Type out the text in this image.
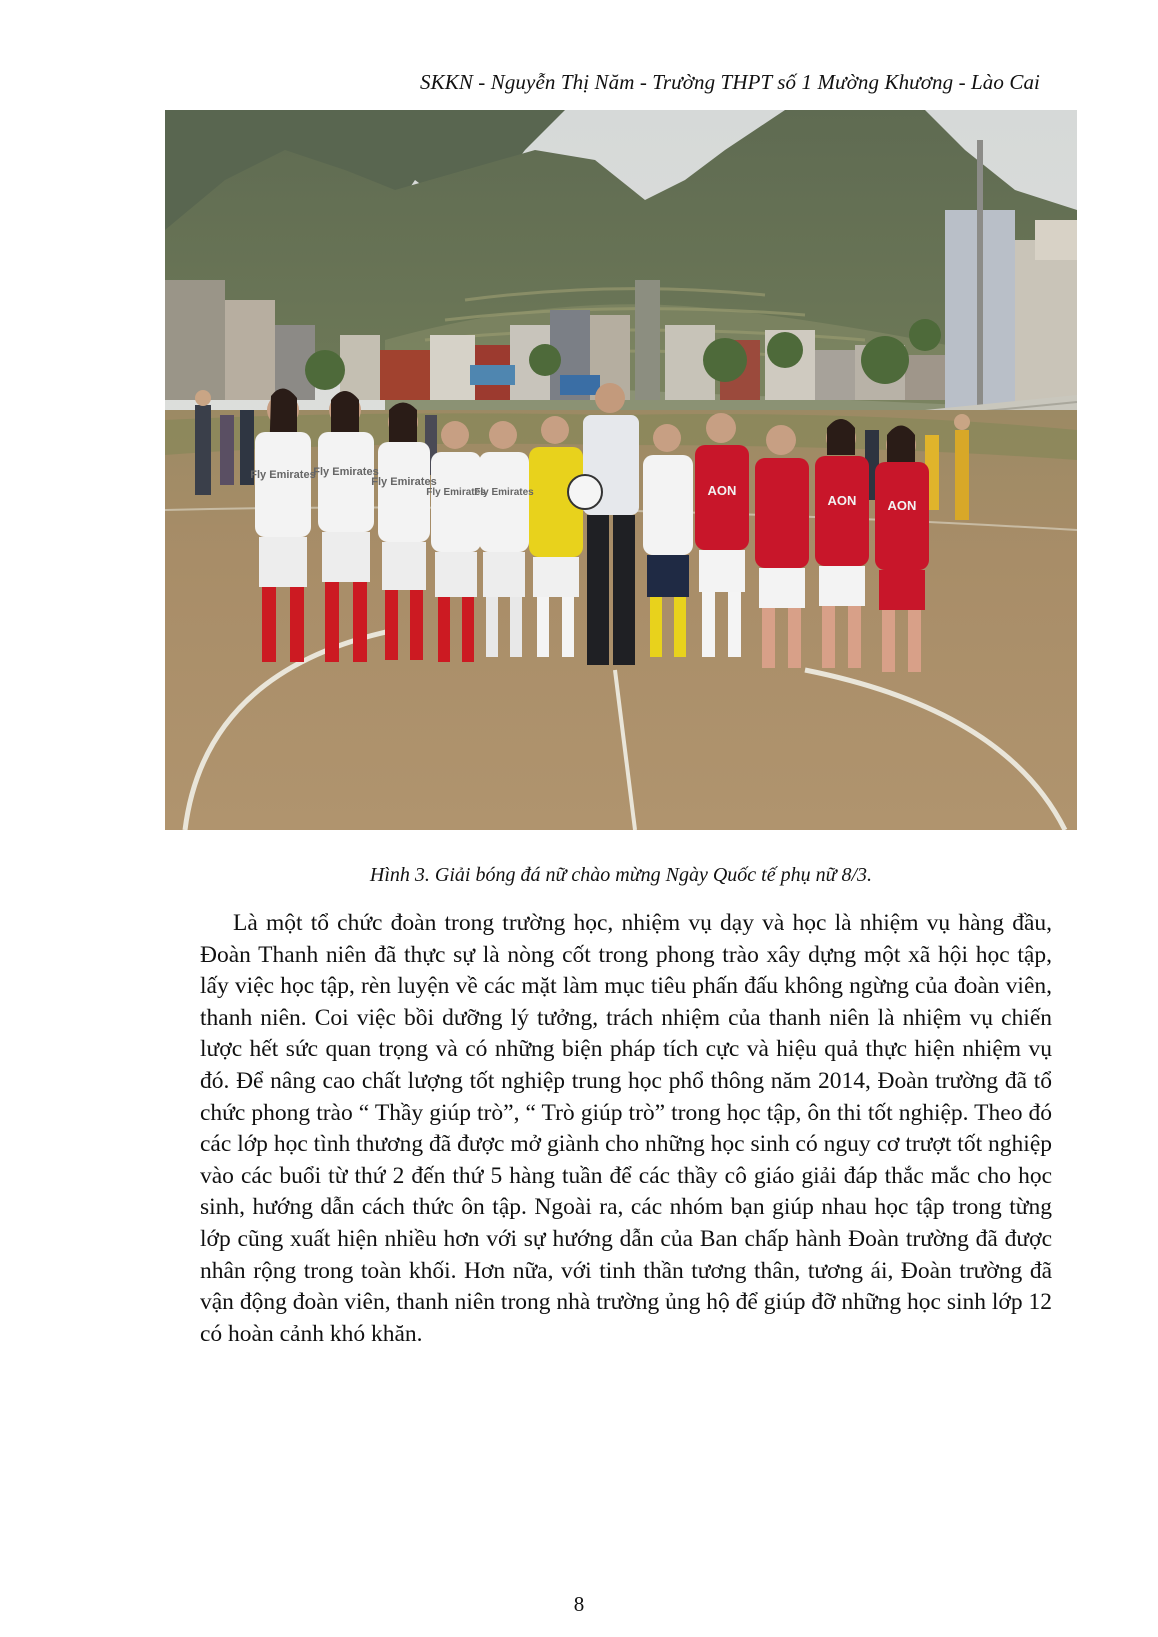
SKKN - Nguyễn Thị Năm - Trường THPT số 1 Mường Khương - Lào Cai
Fly Emirates
Fly Emirates
Fly Emirates
Fly Emirates
Fly Emirates	AON
AON AON
Hình 3. Giải bóng đá nữ chào mừng Ngày Quốc tế phụ nữ 8/3.

Là một tổ chức đoàn trong trường học, nhiệm vụ dạy và học là nhiệm vụ hàng đầu, Đoàn Thanh niên đã thực sự là nòng cốt trong phong trào xây dựng một xã hội học tập, lấy việc học tập, rèn luyện về các mặt làm mục tiêu phấn đấu không ngừng của đoàn viên, thanh niên. Coi việc bồi dưỡng lý tưởng, trách nhiệm của thanh niên là nhiệm vụ chiến lược hết sức quan trọng và có những biện pháp tích cực và hiệu quả thực hiện nhiệm vụ đó. Để nâng cao chất lượng tốt nghiệp trung học phổ thông năm 2014, Đoàn trường đã tổ chức phong trào “ Thầy giúp trò”, “ Trò giúp trò” trong học tập, ôn thi tốt nghiệp. Theo đó các lớp học tình thương đã được mở giành cho những học sinh có nguy cơ trượt tốt nghiệp vào các buổi từ thứ 2 đến thứ 5 hàng tuần để các thầy cô giáo giải đáp thắc mắc cho học sinh, hướng dẫn cách thức ôn tập. Ngoài ra, các nhóm bạn giúp nhau học tập trong từng lớp cũng xuất hiện nhiều hơn với sự hướng dẫn của Ban chấp hành Đoàn trường đã được nhân rộng trong toàn khối. Hơn nữa, với tinh thần tương thân, tương ái, Đoàn trường đã vận động đoàn viên, thanh niên trong nhà trường ủng hộ để giúp đỡ những học sinh lớp 12 có hoàn cảnh khó khăn.

8
